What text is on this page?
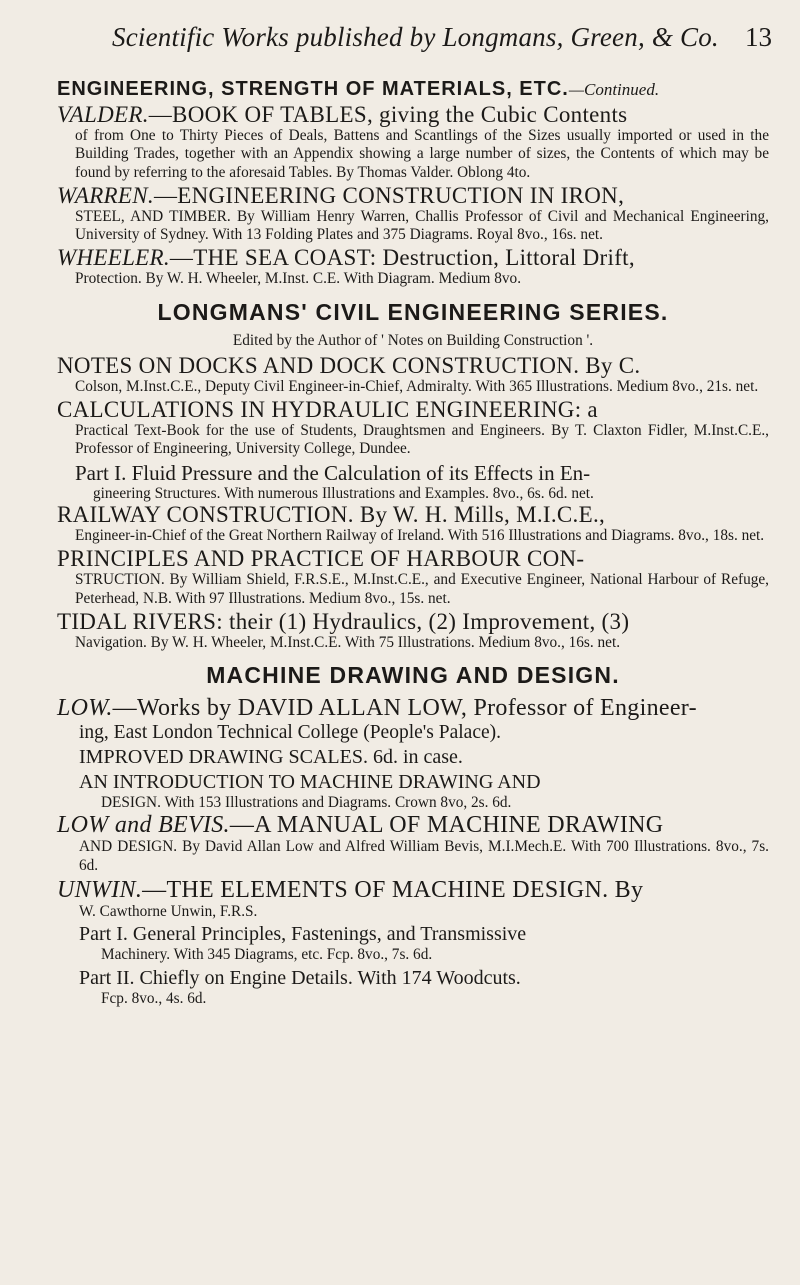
Scientific Works published by Longmans, Green, & Co. 13
ENGINEERING, STRENGTH OF MATERIALS, ETC.—Continued.
VALDER.—BOOK OF TABLES, giving the Cubic Contents
of from One to Thirty Pieces of Deals, Battens and Scantlings of the Sizes usually imported or used in the Building Trades, together with an Appendix showing a large number of sizes, the Contents of which may be found by referring to the aforesaid Tables. By Thomas Valder. Oblong 4to.
WARREN.—ENGINEERING CONSTRUCTION IN IRON,
STEEL, AND TIMBER. By William Henry Warren, Challis Professor of Civil and Mechanical Engineering, University of Sydney. With 13 Folding Plates and 375 Diagrams. Royal 8vo., 16s. net.
WHEELER.—THE SEA COAST: Destruction, Littoral Drift,
Protection. By W. H. Wheeler, M.Inst. C.E. With Diagram. Medium 8vo.
LONGMANS' CIVIL ENGINEERING SERIES.
Edited by the Author of ' Notes on Building Construction '.
NOTES ON DOCKS AND DOCK CONSTRUCTION. By C.
Colson, M.Inst.C.E., Deputy Civil Engineer-in-Chief, Admiralty. With 365 Illustrations. Medium 8vo., 21s. net.
CALCULATIONS IN HYDRAULIC ENGINEERING: a
Practical Text-Book for the use of Students, Draughtsmen and Engineers. By T. Claxton Fidler, M.Inst.C.E., Professor of Engineering, University College, Dundee.
Part I. Fluid Pressure and the Calculation of its Effects in En-
gineering Structures. With numerous Illustrations and Examples. 8vo., 6s. 6d. net.
RAILWAY CONSTRUCTION. By W. H. Mills, M.I.C.E.,
Engineer-in-Chief of the Great Northern Railway of Ireland. With 516 Illustrations and Diagrams. 8vo., 18s. net.
PRINCIPLES AND PRACTICE OF HARBOUR CON-
STRUCTION. By William Shield, F.R.S.E., M.Inst.C.E., and Executive Engineer, National Harbour of Refuge, Peterhead, N.B. With 97 Illustrations. Medium 8vo., 15s. net.
TIDAL RIVERS: their (1) Hydraulics, (2) Improvement, (3)
Navigation. By W. H. Wheeler, M.Inst.C.E. With 75 Illustrations. Medium 8vo., 16s. net.
MACHINE DRAWING AND DESIGN.
LOW.—Works by DAVID ALLAN LOW, Professor of Engineer-
ing, East London Technical College (People's Palace).
IMPROVED DRAWING SCALES. 6d. in case.
AN INTRODUCTION TO MACHINE DRAWING AND
DESIGN. With 153 Illustrations and Diagrams. Crown 8vo, 2s. 6d.
LOW and BEVIS.—A MANUAL OF MACHINE DRAWING
AND DESIGN. By David Allan Low and Alfred William Bevis, M.I.Mech.E. With 700 Illustrations. 8vo., 7s. 6d.
UNWIN.—THE ELEMENTS OF MACHINE DESIGN. By
W. Cawthorne Unwin, F.R.S.
Part I. General Principles, Fastenings, and Transmissive
Machinery. With 345 Diagrams, etc. Fcp. 8vo., 7s. 6d.
Part II. Chiefly on Engine Details. With 174 Woodcuts.
Fcp. 8vo., 4s. 6d.
